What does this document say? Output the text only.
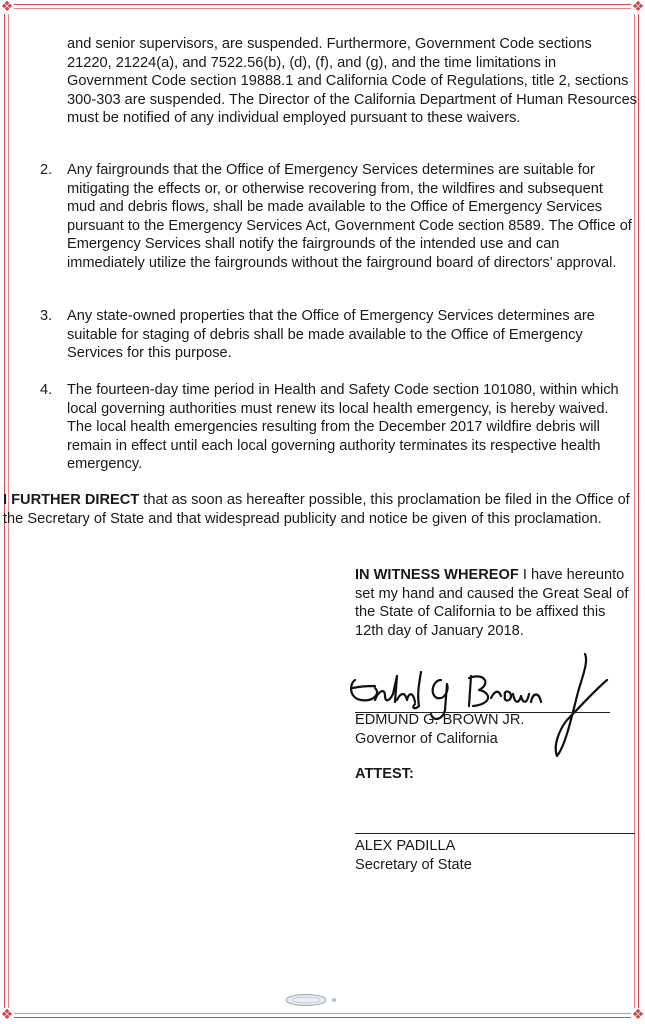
❖	❖
❖	❖

and senior supervisors, are suspended. Furthermore, Government Code sections 21220, 21224(a), and 7522.56(b), (d), (f), and (g), and the time limitations in Government Code section 19888.1 and California Code of Regulations, title 2, sections 300-303 are suspended. The Director of the California Department of Human Resources must be notified of any individual employed pursuant to these waivers.

2. Any fairgrounds that the Office of Emergency Services determines are suitable for mitigating the effects or, or otherwise recovering from, the wildfires and subsequent mud and debris flows, shall be made available to the Office of Emergency Services pursuant to the Emergency Services Act, Government Code section 8589. The Office of Emergency Services shall notify the fairgrounds of the intended use and can immediately utilize the fairgrounds without the fairground board of directors’ approval.

3. Any state-owned properties that the Office of Emergency Services determines are suitable for staging of debris shall be made available to the Office of Emergency Services for this purpose.

4. The fourteen-day time period in Health and Safety Code section 101080, within which local governing authorities must renew its local health emergency, is hereby waived. The local health emergencies resulting from the December 2017 wildfire debris will remain in effect until each local governing authority terminates its respective health emergency.

I FURTHER DIRECT that as soon as hereafter possible, this proclamation be filed in the Office of the Secretary of State and that widespread publicity and notice be given of this proclamation.

IN WITNESS WHEREOF I have hereunto set my hand and caused the Great Seal of the State of California to be affixed this 12th day of January 2018.

EDMUND G. BROWN JR.

Governor of California

ATTEST:

ALEX PADILLA

Secretary of State
